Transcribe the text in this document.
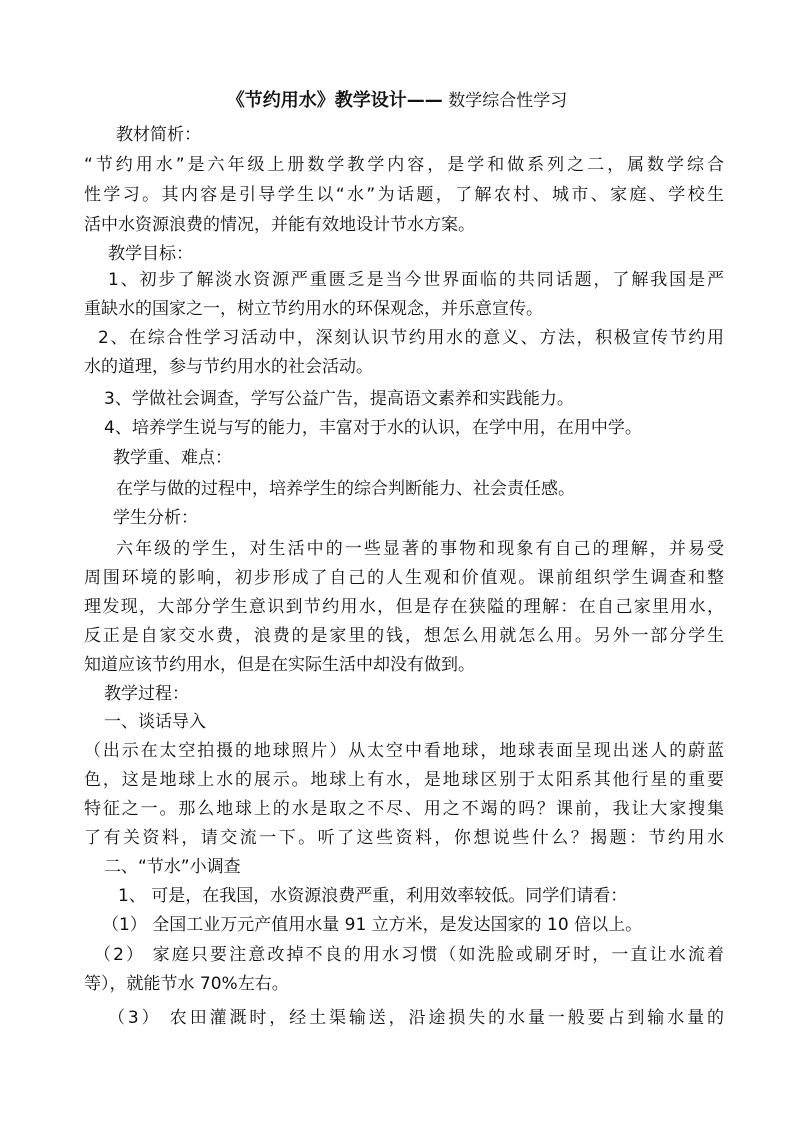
《节约用水》教学设计—— 数学综合性学习
教材简析：
“节约用水”是六年级上册数学教学内容，是学和做系列之二，属数学综合
性学习。其内容是引导学生以“水”为话题，了解农村、城市、家庭、学校生
活中水资源浪费的情况，并能有效地设计节水方案。
教学目标：
1、初步了解淡水资源严重匮乏是当今世界面临的共同话题，了解我国是严
重缺水的国家之一，树立节约用水的环保观念，并乐意宣传。
2、在综合性学习活动中，深刻认识节约用水的意义、方法，积极宣传节约用
水的道理，参与节约用水的社会活动。
3、学做社会调查，学写公益广告，提高语文素养和实践能力。
4、培养学生说与写的能力，丰富对于水的认识，在学中用，在用中学。
教学重、难点：
在学与做的过程中，培养学生的综合判断能力、社会责任感。
学生分析：
六年级的学生，对生活中的一些显著的事物和现象有自己的理解，并易受
周围环境的影响，初步形成了自己的人生观和价值观。课前组织学生调查和整
理发现，大部分学生意识到节约用水，但是存在狭隘的理解：在自己家里用水，
反正是自家交水费，浪费的是家里的钱，想怎么用就怎么用。另外一部分学生
知道应该节约用水，但是在实际生活中却没有做到。
教学过程：
一、谈话导入
（出示在太空拍摄的地球照片）从太空中看地球，地球表面呈现出迷人的蔚蓝
色，这是地球上水的展示。地球上有水，是地球区别于太阳系其他行星的重要
特征之一。那么地球上的水是取之不尽、用之不竭的吗？课前，我让大家搜集
了有关资料，请交流一下。听了这些资料，你想说些什么？揭题：节约用水
二、“节水”小调查
1、 可是，在我国，水资源浪费严重，利用效率较低。同学们请看：
（1） 全国工业万元产值用水量 91 立方米，是发达国家的 10 倍以上。
（2） 家庭只要注意改掉不良的用水习惯（如洗脸或刷牙时，一直让水流着
等），就能节水 70%左右。
（3） 农田灌溉时，经土渠输送，沿途损失的水量一般要占到输水量的
